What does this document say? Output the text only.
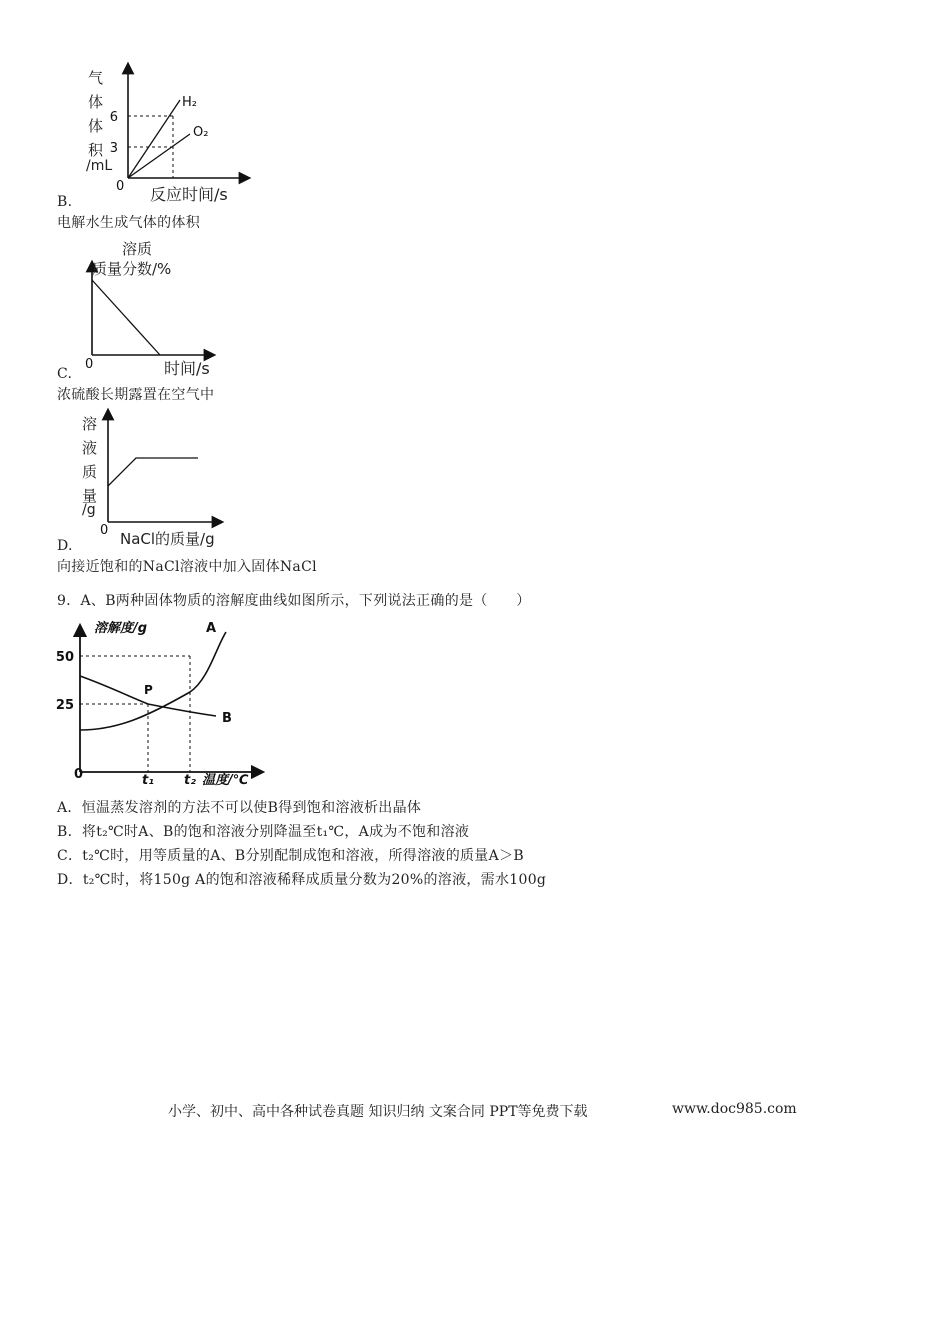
6
3
0
H₂
O₂
气
体
体
积
/mL
反应时间/s
B.
电解水生成气体的体积
0
溶质
质量分数/%
时间/s
C.
浓硫酸长期露置在空气中
0
溶
液
质
量
/g
NaCl的质量/g
D.
向接近饱和的NaCl溶液中加入固体NaCl
9．A、B两种固体物质的溶解度曲线如图所示，下列说法正确的是（　　）
50
25
0
溶解度/g	A
B
P
t₁ t₂ 温度/℃
A．恒温蒸发溶剂的方法不可以使B得到饱和溶液析出晶体
B．将t₂℃时A、B的饱和溶液分别降温至t₁℃，A成为不饱和溶液
C．t₂℃时，用等质量的A、B分别配制成饱和溶液，所得溶液的质量A＞B
D．t₂℃时，将150g A的饱和溶液稀释成质量分数为20%的溶液，需水100g
小学、初中、高中各种试卷真题 知识归纳 文案合同 PPT等免费下载	www.doc985.com
